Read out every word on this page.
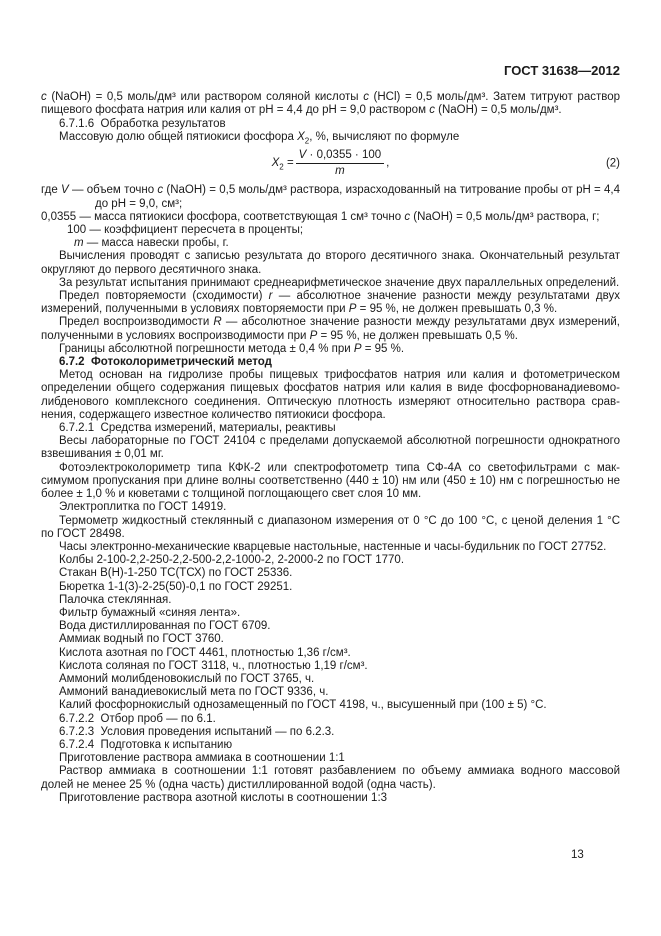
ГОСТ 31638—2012

с (NaOH) = 0,5 моль/дм³ или раствором соляной кислоты с (HCl) = 0,5 моль/дм³. Затем титруют раствор пищевого фосфата натрия или калия от рН = 4,4 до рН = 9,0 раствором с (NaOH) = 0,5 моль/дм³.

6.7.1.6  Обработка результатов

Массовую долю общей пятиокиси фосфора $X_2$, %, вычисляют по формуле

$X_2 = \frac{V \cdot 0,0355 \cdot 100}{m}$ ,	(2)

где V — объем точно с (NaOH) = 0,5 моль/дм³ раствора, израсходованный на титрование пробы от рН = 4,4 до рН = 9,0, см³;

0,0355 — масса пятиокиси фосфора, соответствующая 1 см³ точно с (NaOH) = 0,5 моль/дм³ раствора, г;

100 — коэффициент пересчета в проценты;

m — масса навески пробы, г.

Вычисления проводят с записью результата до второго десятичного знака. Окончательный результат округляют до первого десятичного знака.

За результат испытания принимают среднеарифметическое значение двух параллельных определений.

Предел повторяемости (сходимости) r — абсолютное значение разности между результатами двух измерений, полученными в условиях повторяемости при Р = 95 %, не должен превышать 0,3 %.

Предел воспроизводимости R — абсолютное значение разности между результатами двух измерений, полученными в условиях воспроизводимости при Р = 95 %, не должен превышать 0,5 %.

Границы абсолютной погрешности метода ± 0,4 % при Р = 95 %.

6.7.2  Фотоколориметрический метод

Метод основан на гидролизе пробы пищевых трифосфатов натрия или калия и фотометрическом определении общего содержания пищевых фосфатов натрия или калия в виде фосфорнованадиевомолибденового комплексного соединения. Оптическую плотность измеряют относительно раствора сравнения, содержащего известное количество пятиокиси фосфора.

6.7.2.1  Средства измерений, материалы, реактивы

Весы лабораторные по ГОСТ 24104 с пределами допускаемой абсолютной погрешности однократного взвешивания ± 0,01 мг.

Фотоэлектроколориметр типа КФК-2 или спектрофотометр типа СФ-4А со светофильтрами с максимумом пропускания при длине волны соответственно (440 ± 10) нм или (450 ± 10) нм с погрешностью не более ± 1,0 % и кюветами с толщиной поглощающего свет слоя 10 мм.

Электроплитка по ГОСТ 14919.

Термометр жидкостный стеклянный с диапазоном измерения от 0 °С до 100 °С, с ценой деления 1 °С по ГОСТ 28498.

Часы электронно-механические кварцевые настольные, настенные и часы-будильник по ГОСТ 27752.

Колбы 2-100-2,2-250-2,2-500-2,2-1000-2, 2-2000-2 по ГОСТ 1770.

Стакан В(Н)-1-250 ТС(ТСХ) по ГОСТ 25336.

Бюретка 1-1(3)-2-25(50)-0,1 по ГОСТ 29251.

Палочка стеклянная.

Фильтр бумажный «синяя лента».

Вода дистиллированная по ГОСТ 6709.

Аммиак водный по ГОСТ 3760.

Кислота азотная по ГОСТ 4461, плотностью 1,36 г/см³.

Кислота соляная по ГОСТ 3118, ч., плотностью 1,19 г/см³.

Аммоний молибденовокислый по ГОСТ 3765, ч.

Аммоний ванадиевокислый мета по ГОСТ 9336, ч.

Калий фосфорнокислый однозамещенный по ГОСТ 4198, ч., высушенный при (100 ± 5) °С.

6.7.2.2  Отбор проб — по 6.1.

6.7.2.3  Условия проведения испытаний — по 6.2.3.

6.7.2.4  Подготовка к испытанию

Приготовление раствора аммиака в соотношении 1:1

Раствор аммиака в соотношении 1:1 готовят разбавлением по объему аммиака водного массовой долей не менее 25 % (одна часть) дистиллированной водой (одна часть).

Приготовление раствора азотной кислоты в соотношении 1:3

13
